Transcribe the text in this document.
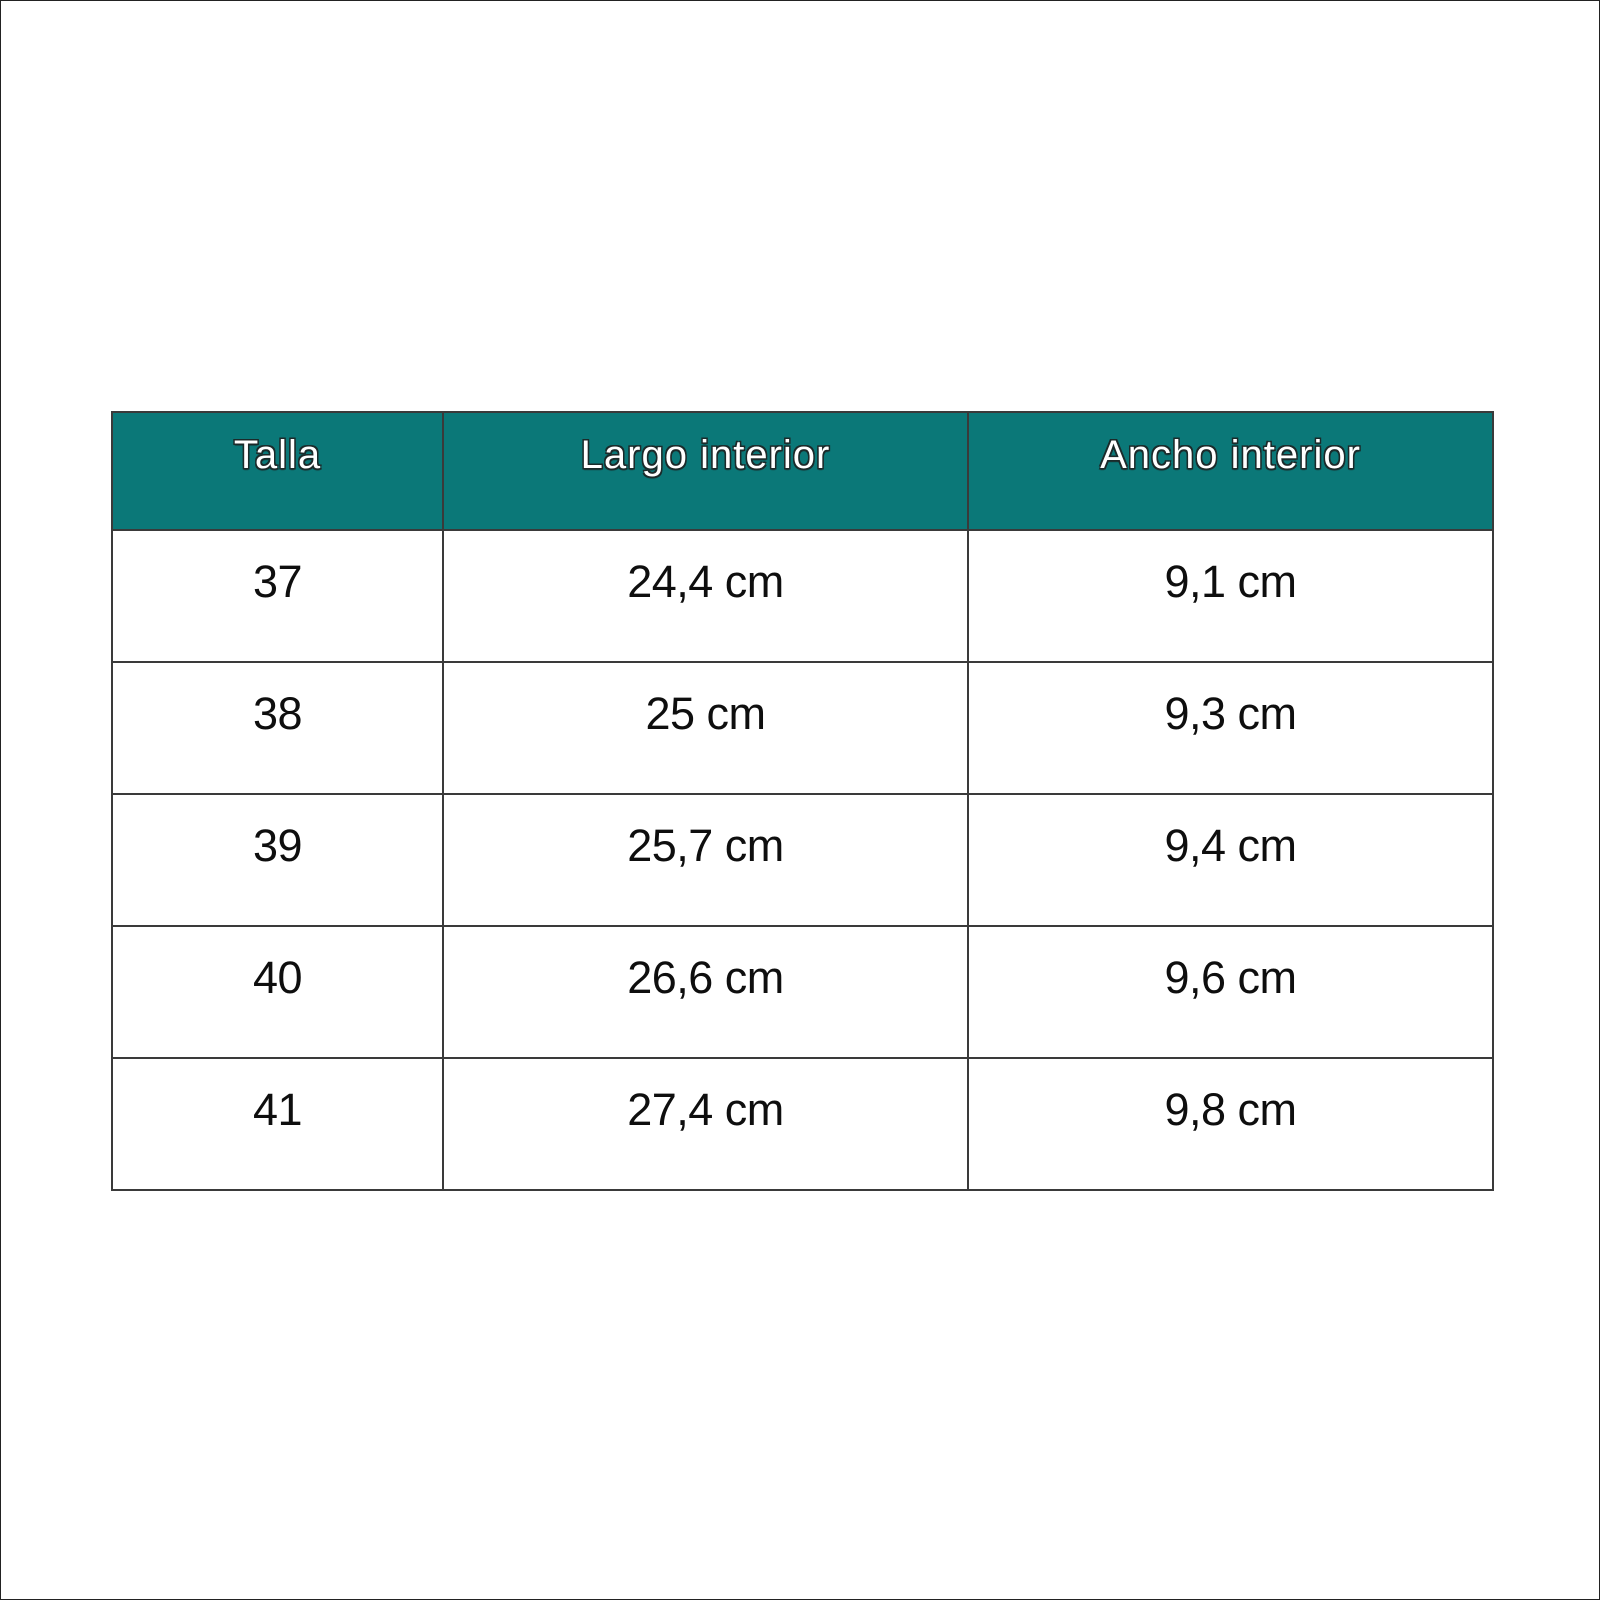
Talla	Largo interior	Ancho interior
37	24,4 cm	9,1 cm
38	25 cm	9,3 cm
39	25,7 cm	9,4 cm
40	26,6 cm	9,6 cm
41	27,4 cm	9,8 cm
